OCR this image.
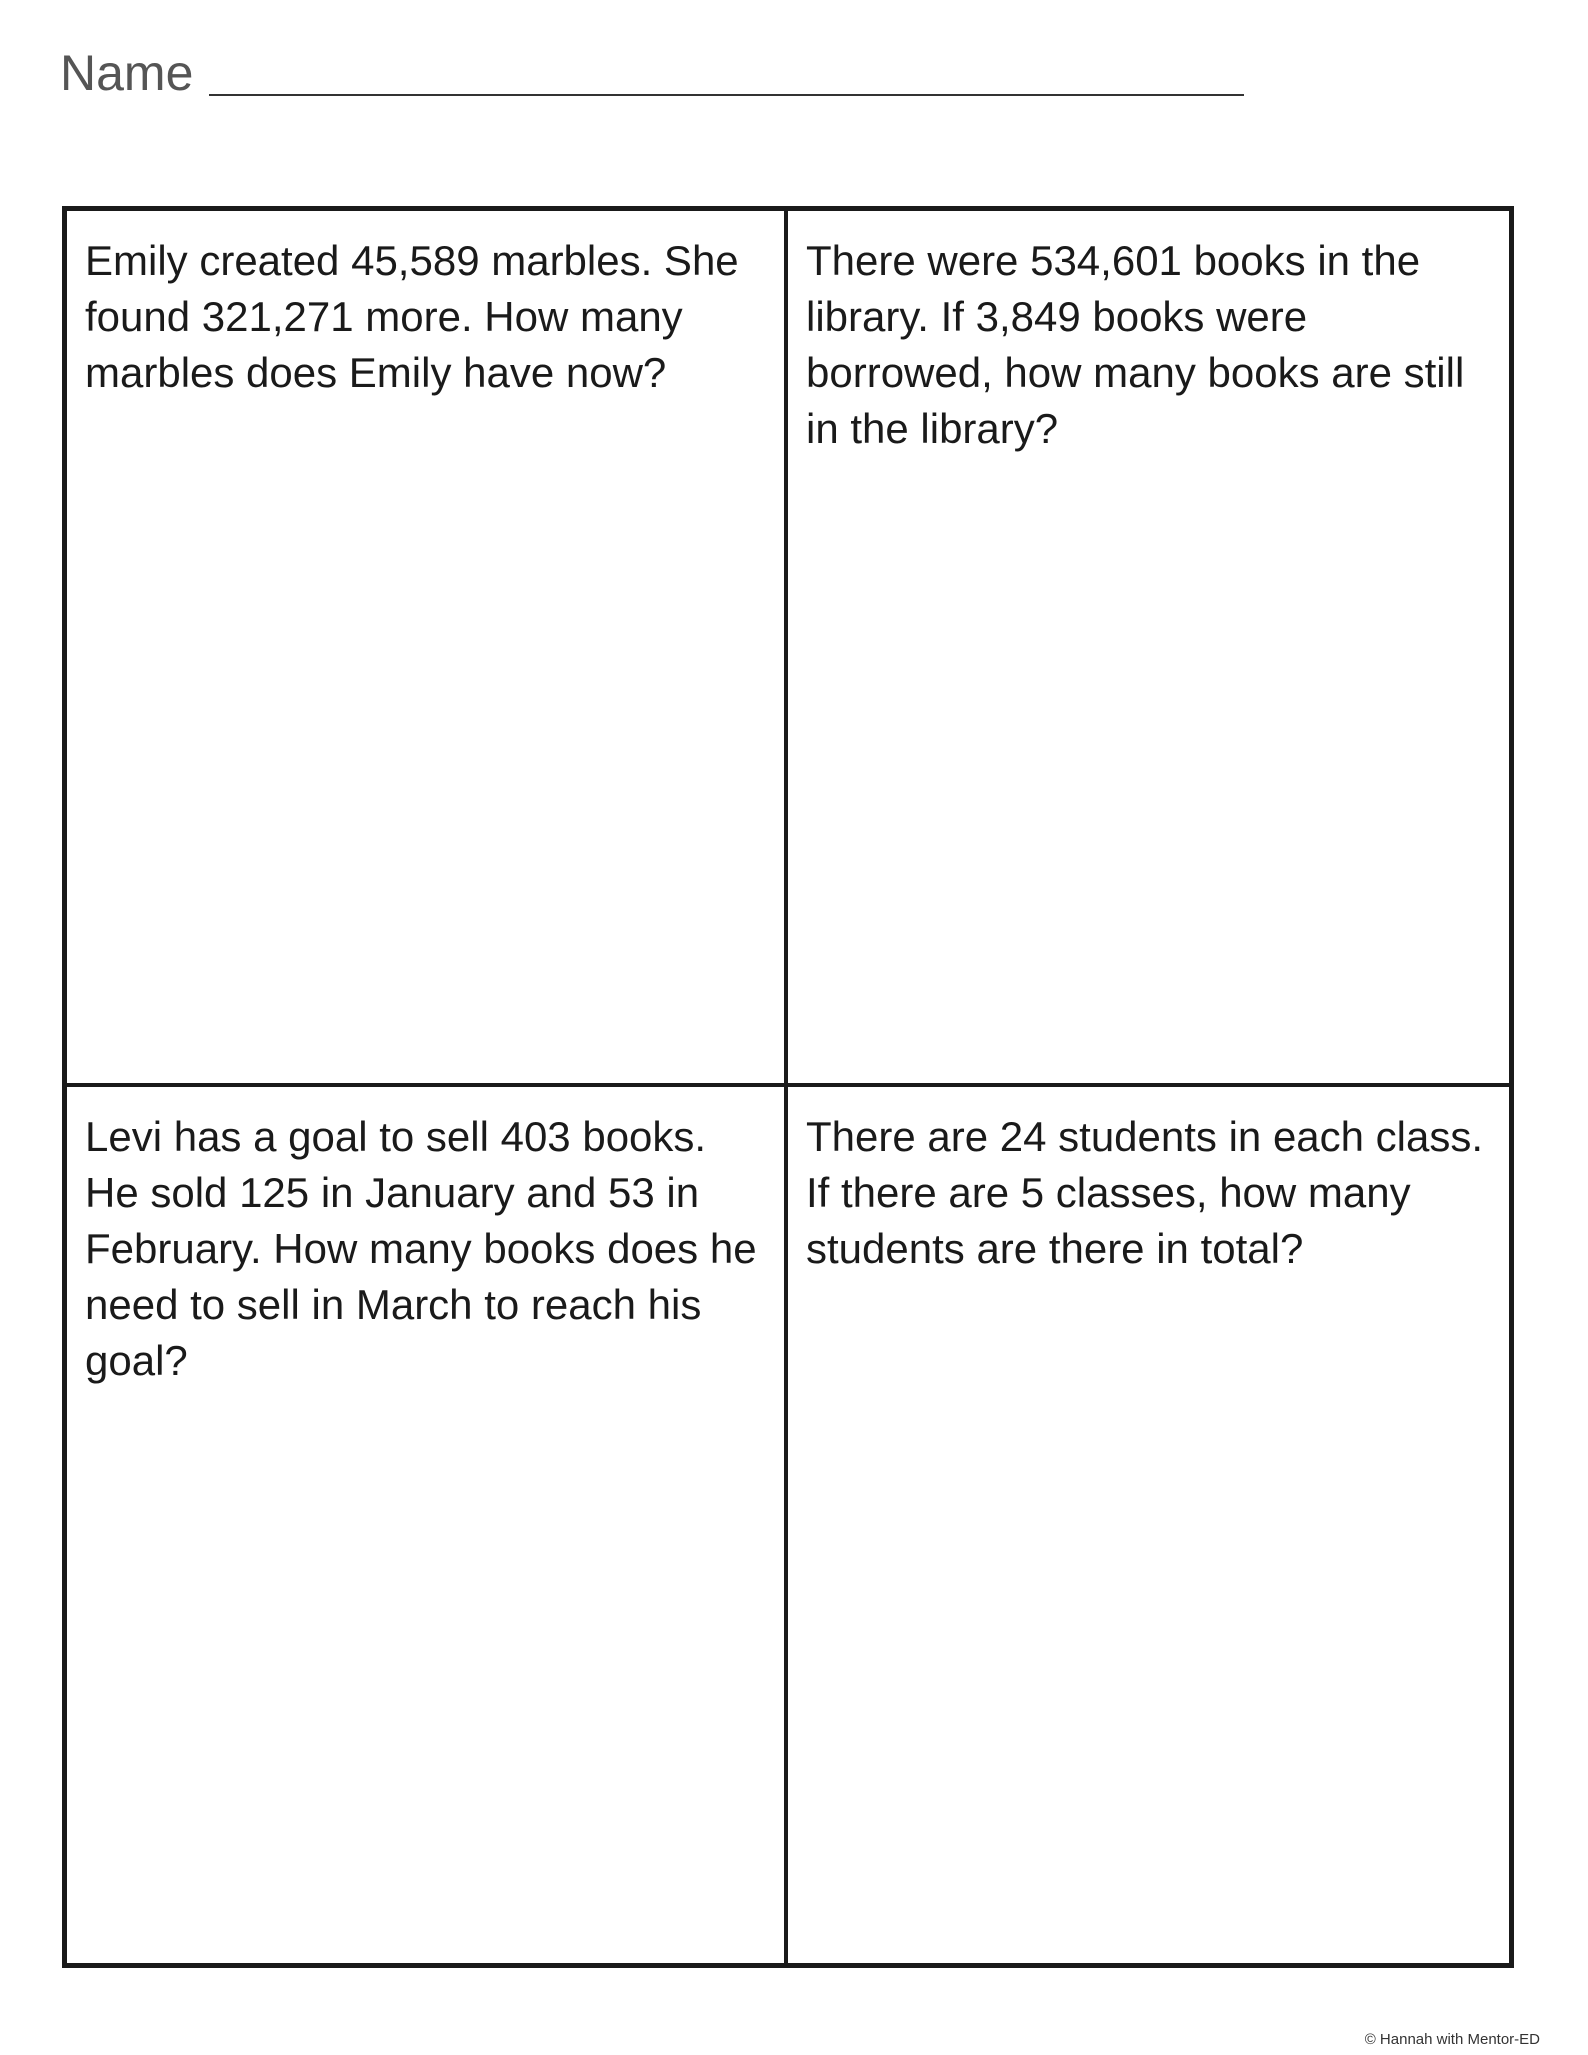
Name
Emily created 45,589 marbles. She found 321,271 more. How many marbles does Emily have now?
There were 534,601 books in the library. If 3,849 books were borrowed, how many books are still in the library?
Levi has a goal to sell 403 books. He sold 125 in January and 53 in February. How many books does he need to sell in March to reach his goal?
There are 24 students in each class. If there are 5 classes, how many students are there in total?
© Hannah with Mentor-ED
